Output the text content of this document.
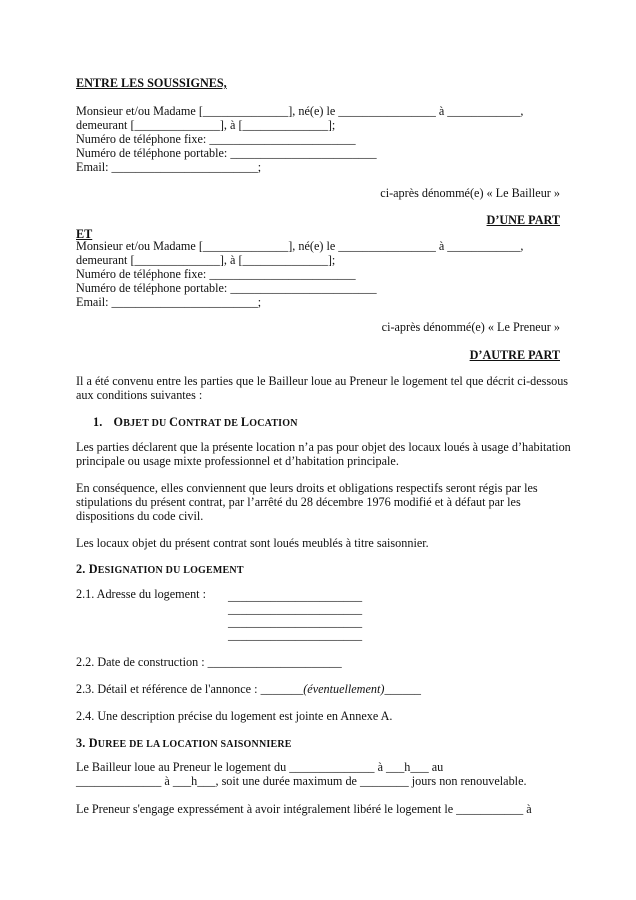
ENTRE LES SOUSSIGNES,
Monsieur et/ou Madame [______________], né(e) le ________________ à ____________,
demeurant [______________], à [______________];
Numéro de téléphone fixe: ________________________
Numéro de téléphone portable: ________________________
Email: ________________________;
ci-après dénommé(e) « Le Bailleur »
D’UNE PART
ET
Monsieur et/ou Madame [______________], né(e) le ________________ à ____________,
demeurant [______________], à [______________];
Numéro de téléphone fixe: ________________________
Numéro de téléphone portable: ________________________
Email: ________________________;
ci-après dénommé(e) « Le Preneur »
D’AUTRE PART
Il a été convenu entre les parties que le Bailleur loue au Preneur le logement tel que décrit ci-dessous
aux conditions suivantes :
1. OBJET DU CONTRAT DE LOCATION
Les parties déclarent que la présente location n’a pas pour objet des locaux loués à usage d’habitation
principale ou usage mixte professionnel et d’habitation principale.
En conséquence, elles conviennent que leurs droits et obligations respectifs seront régis par les
stipulations du présent contrat, par l’arrêté du 28 décembre 1976 modifié et à défaut par les
dispositions du code civil.
Les locaux objet du présent contrat sont loués meublés à titre saisonnier.
2. DESIGNATION DU LOGEMENT
2.1. Adresse du logement : ______________________
______________________
______________________
______________________
2.2. Date de construction : ______________________
2.3. Détail et référence de l'annonce : _______(éventuellement)______
2.4. Une description précise du logement est jointe en Annexe A.
3. DUREE DE LA LOCATION SAISONNIERE
Le Bailleur loue au Preneur le logement du ______________ à ___h___ au
______________ à ___h___, soit une durée maximum de ________ jours non renouvelable.
Le Preneur s'engage expressément à avoir intégralement libéré le logement le ___________ à
